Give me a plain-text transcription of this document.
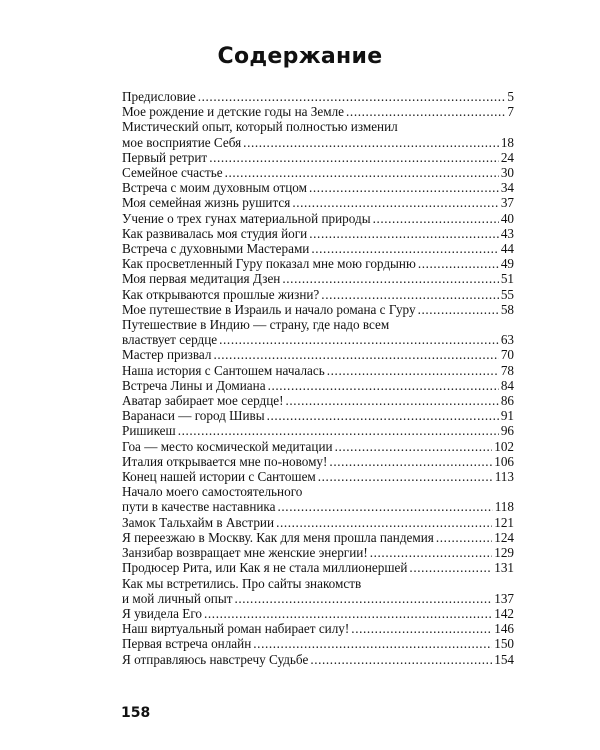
Содержание
Предисловие .....	5
Мое рождение и детские годы на Земле .....	7
Мистический опыт, который полностью изменил
мое восприятие Себя .....	18
Первый ретрит .....	24
Семейное счастье .....	30
Встреча с моим духовным отцом .....	34
Моя семейная жизнь рушится .....	37
Учение о трех гунах материальной природы .....	40
Как развивалась моя студия йоги .....	43
Встреча с духовными Мастерами .....	44
Как просветленный Гуру показал мне мою гордыню .....	49
Моя первая медитация Дзен .....	51
Как открываются прошлые жизни? .....	55
Мое путешествие в Израиль и начало романа с Гуру .....	58
Путешествие в Индию — страну, где надо всем
властвует сердце .....	63
Мастер призвал .....	70
Наша история с Сантошем началась .....	78
Встреча Лины и Домиана .....	84
Аватар забирает мое сердце! .....	86
Варанаси — город Шивы .....	91
Ришикеш .....	96
Гоа — место космической медитации .....	102
Италия открывается мне по-новому! .....	106
Конец нашей истории с Сантошем .....	113
Начало моего самостоятельного
пути в качестве наставника .....	118
Замок Тальхайм в Австрии .....	121
Я переезжаю в Москву. Как для меня прошла пандемия .....	124
Занзибар возвращает мне женские энергии! .....	129
Продюсер Рита, или Как я не стала миллионершей .....	131
Как мы встретились. Про сайты знакомств
и мой личный опыт .....	137
Я увидела Его .....	142
Наш виртуальный роман набирает силу! .....	146
Первая встреча онлайн .....	150
Я отправляюсь навстречу Судьбе .....	154
158
